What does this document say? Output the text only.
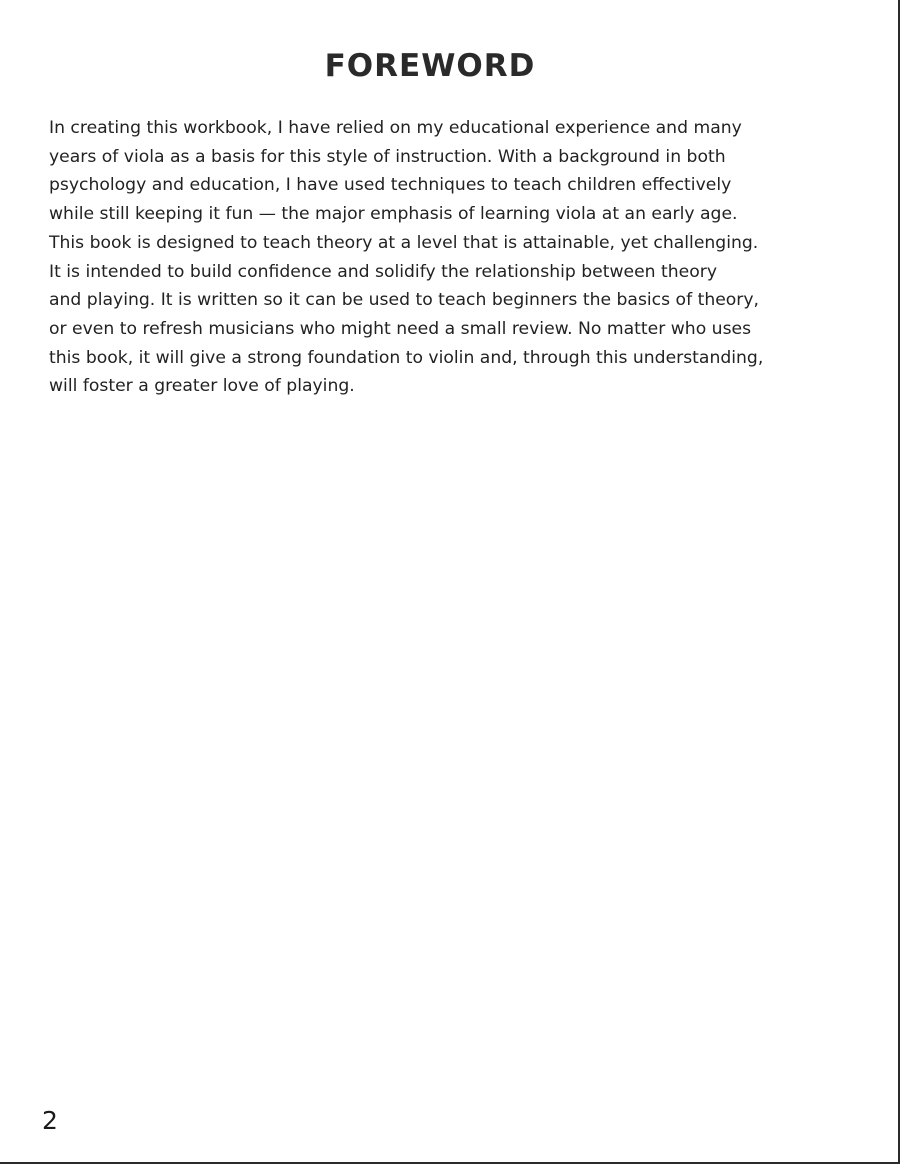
FOREWORD
In creating this workbook, I have relied on my educational experience and many
years of viola as a basis for this style of instruction. With a background in both
psychology and education, I have used techniques to teach children effectively
while still keeping it fun — the major emphasis of learning viola at an early age.
This book is designed to teach theory at a level that is attainable, yet challenging.
It is intended to build confidence and solidify the relationship between theory
and playing. It is written so it can be used to teach beginners the basics of theory,
or even to refresh musicians who might need a small review. No matter who uses
this book, it will give a strong foundation to violin and, through this understanding,
will foster a greater love of playing.
2
